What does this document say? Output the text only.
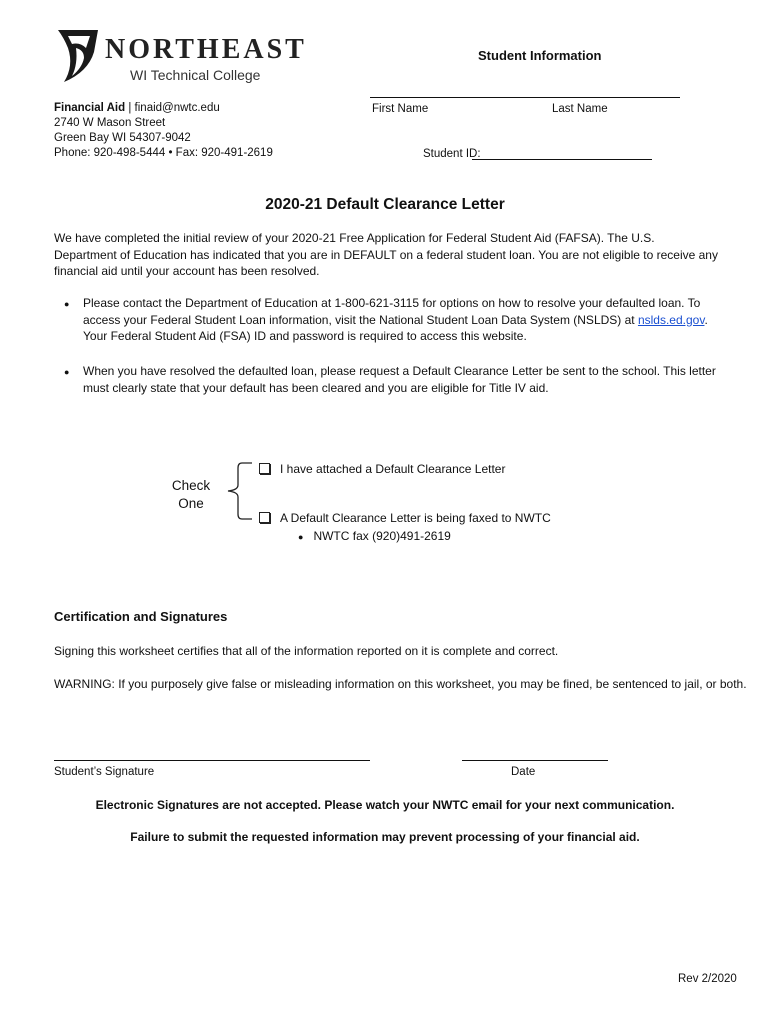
NORTHEAST
WI Technical College
Student Information
First Name	Last Name
Student ID:
Financial Aid | finaid@nwtc.edu
2740 W Mason Street
Green Bay WI 54307-9042
Phone: 920-498-5444 • Fax: 920-491-2619
2020-21 Default Clearance Letter
We have completed the initial review of your 2020-21 Free Application for Federal Student Aid (FAFSA). The U.S. Department of Education has indicated that you are in DEFAULT on a federal student loan. You are not eligible to receive any financial aid until your account has been resolved.
● Please contact the Department of Education at 1-800-621-3115 for options on how to resolve your defaulted loan. To access your Federal Student Loan information, visit the National Student Loan Data System (NSLDS) at nslds.ed.gov. Your Federal Student Aid (FSA) ID and password is required to access this website.
● When you have resolved the defaulted loan, please request a Default Clearance Letter be sent to the school. This letter must clearly state that your default has been cleared and you are eligible for Title IV aid.
Check
One
I have attached a Default Clearance Letter
A Default Clearance Letter is being faxed to NWTC
● NWTC fax (920)491-2619
Certification and Signatures
Signing this worksheet certifies that all of the information reported on it is complete and correct.
WARNING: If you purposely give false or misleading information on this worksheet, you may be fined, be sentenced to jail, or both.
Student’s Signature	Date
Electronic Signatures are not accepted. Please watch your NWTC email for your next communication.
Failure to submit the requested information may prevent processing of your financial aid.
Rev 2/2020
